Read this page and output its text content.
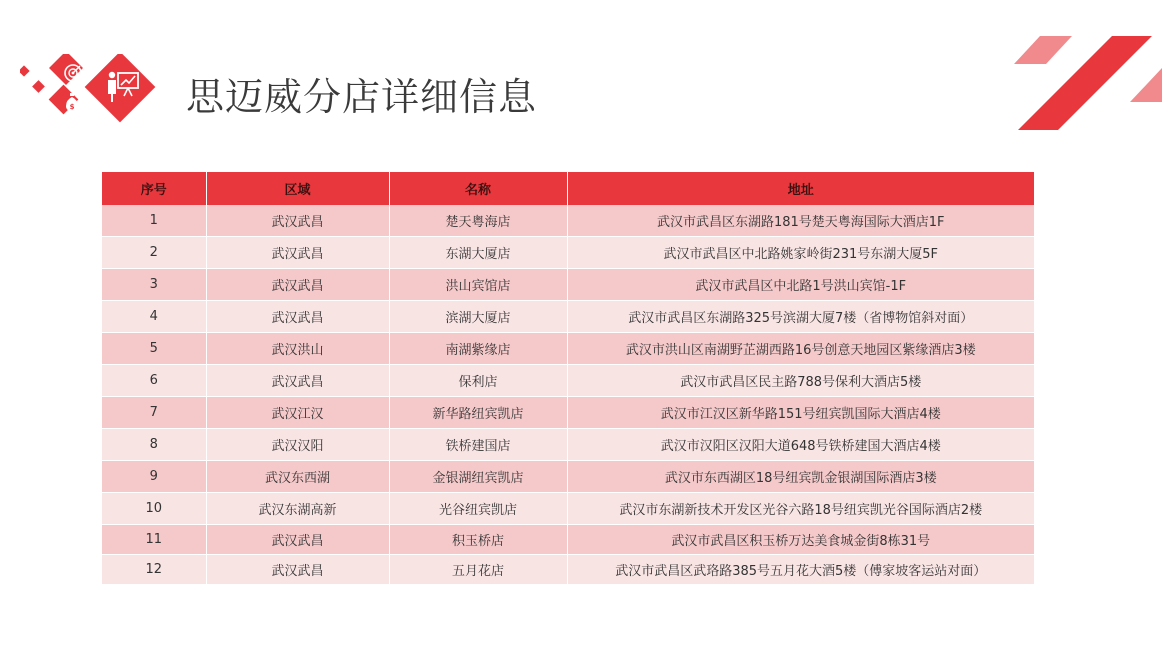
$	思迈威分店详细信息
序号	区域	名称	地址
1	武汉武昌	楚天粤海店	武汉市武昌区东湖路181号楚天粤海国际大酒店1F
2	武汉武昌	东湖大厦店	武汉市武昌区中北路姚家岭街231号东湖大厦5F
3	武汉武昌	洪山宾馆店	武汉市武昌区中北路1号洪山宾馆-1F
4	武汉武昌	滨湖大厦店	武汉市武昌区东湖路325号滨湖大厦7楼（省博物馆斜对面）
5	武汉洪山	南湖紫缘店	武汉市洪山区南湖野芷湖西路16号创意天地园区紫缘酒店3楼
6	武汉武昌	保利店	武汉市武昌区民主路788号保利大酒店5楼
7	武汉江汉	新华路纽宾凯店	武汉市江汉区新华路151号纽宾凯国际大酒店4楼
8	武汉汉阳	铁桥建国店	武汉市汉阳区汉阳大道648号铁桥建国大酒店4楼
9	武汉东西湖	金银湖纽宾凯店	武汉市东西湖区18号纽宾凯金银湖国际酒店3楼
10	武汉东湖高新	光谷纽宾凯店	武汉市东湖新技术开发区光谷六路18号纽宾凯光谷国际酒店2楼
11	武汉武昌	积玉桥店	武汉市武昌区积玉桥万达美食城金街8栋31号
12	武汉武昌	五月花店	武汉市武昌区武珞路385号五月花大酒5楼（傅家坡客运站对面）
